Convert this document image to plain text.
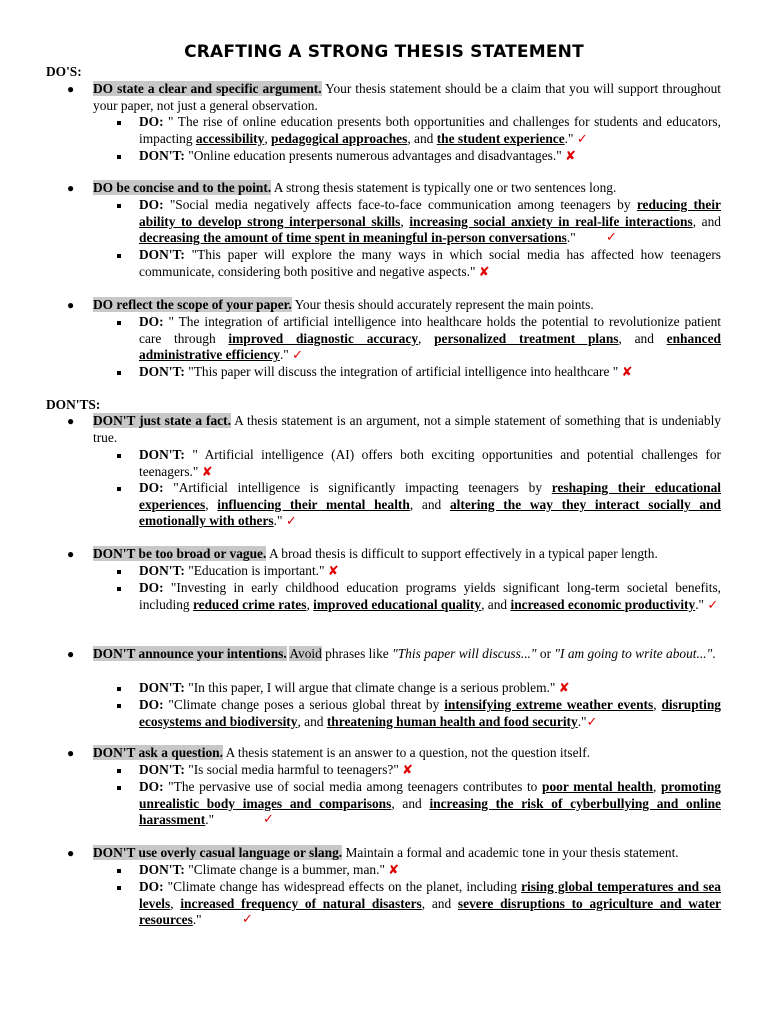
CRAFTING A STRONG THESIS STATEMENT
DO'S:
● DO state a clear and specific argument. Your thesis statement should be a claim that you will support throughout your paper, not just a general observation.
DO: " The rise of online education presents both opportunities and challenges for students and educators, impacting accessibility, pedagogical approaches, and the student experience." ✓
DON'T: "Online education presents numerous advantages and disadvantages." ✘
● DO be concise and to the point. A strong thesis statement is typically one or two sentences long.
DO: "Social media negatively affects face-to-face communication among teenagers by reducing their ability to develop strong interpersonal skills, increasing social anxiety in real-life interactions, and decreasing the amount of time spent in meaningful in-person conversations." ✓
DON'T: "This paper will explore the many ways in which social media has affected how teenagers communicate, considering both positive and negative aspects." ✘
● DO reflect the scope of your paper. Your thesis should accurately represent the main points.
DO: " The integration of artificial intelligence into healthcare holds the potential to revolutionize patient care through improved diagnostic accuracy, personalized treatment plans, and enhanced administrative efficiency." ✓
DON'T: "This paper will discuss the integration of artificial intelligence into healthcare " ✘
DON'TS:
● DON'T just state a fact. A thesis statement is an argument, not a simple statement of something that is undeniably true.
DON'T: " Artificial intelligence (AI) offers both exciting opportunities and potential challenges for teenagers." ✘
DO: "Artificial intelligence is significantly impacting teenagers by reshaping their educational experiences, influencing their mental health, and altering the way they interact socially and emotionally with others." ✓
● DON'T be too broad or vague. A broad thesis is difficult to support effectively in a typical paper length.
DON'T: "Education is important." ✘
DO: "Investing in early childhood education programs yields significant long-term societal benefits, including reduced crime rates, improved educational quality, and increased economic productivity." ✓
● DON'T announce your intentions. Avoid phrases like "This paper will discuss..." or "I am going to write about...".
DON'T: "In this paper, I will argue that climate change is a serious problem." ✘
DO: "Climate change poses a serious global threat by intensifying extreme weather events, disrupting ecosystems and biodiversity, and threatening human health and food security."✓
● DON'T ask a question. A thesis statement is an answer to a question, not the question itself.
DON'T: "Is social media harmful to teenagers?" ✘
DO: "The pervasive use of social media among teenagers contributes to poor mental health, promoting unrealistic body images and comparisons, and increasing the risk of cyberbullying and online harassment."	✓
● DON'T use overly casual language or slang. Maintain a formal and academic tone in your thesis statement.
DON'T: "Climate change is a bummer, man." ✘
DO: "Climate change has widespread effects on the planet, including rising global temperatures and sea levels, increased frequency of natural disasters, and severe disruptions to agriculture and water resources."	✓
